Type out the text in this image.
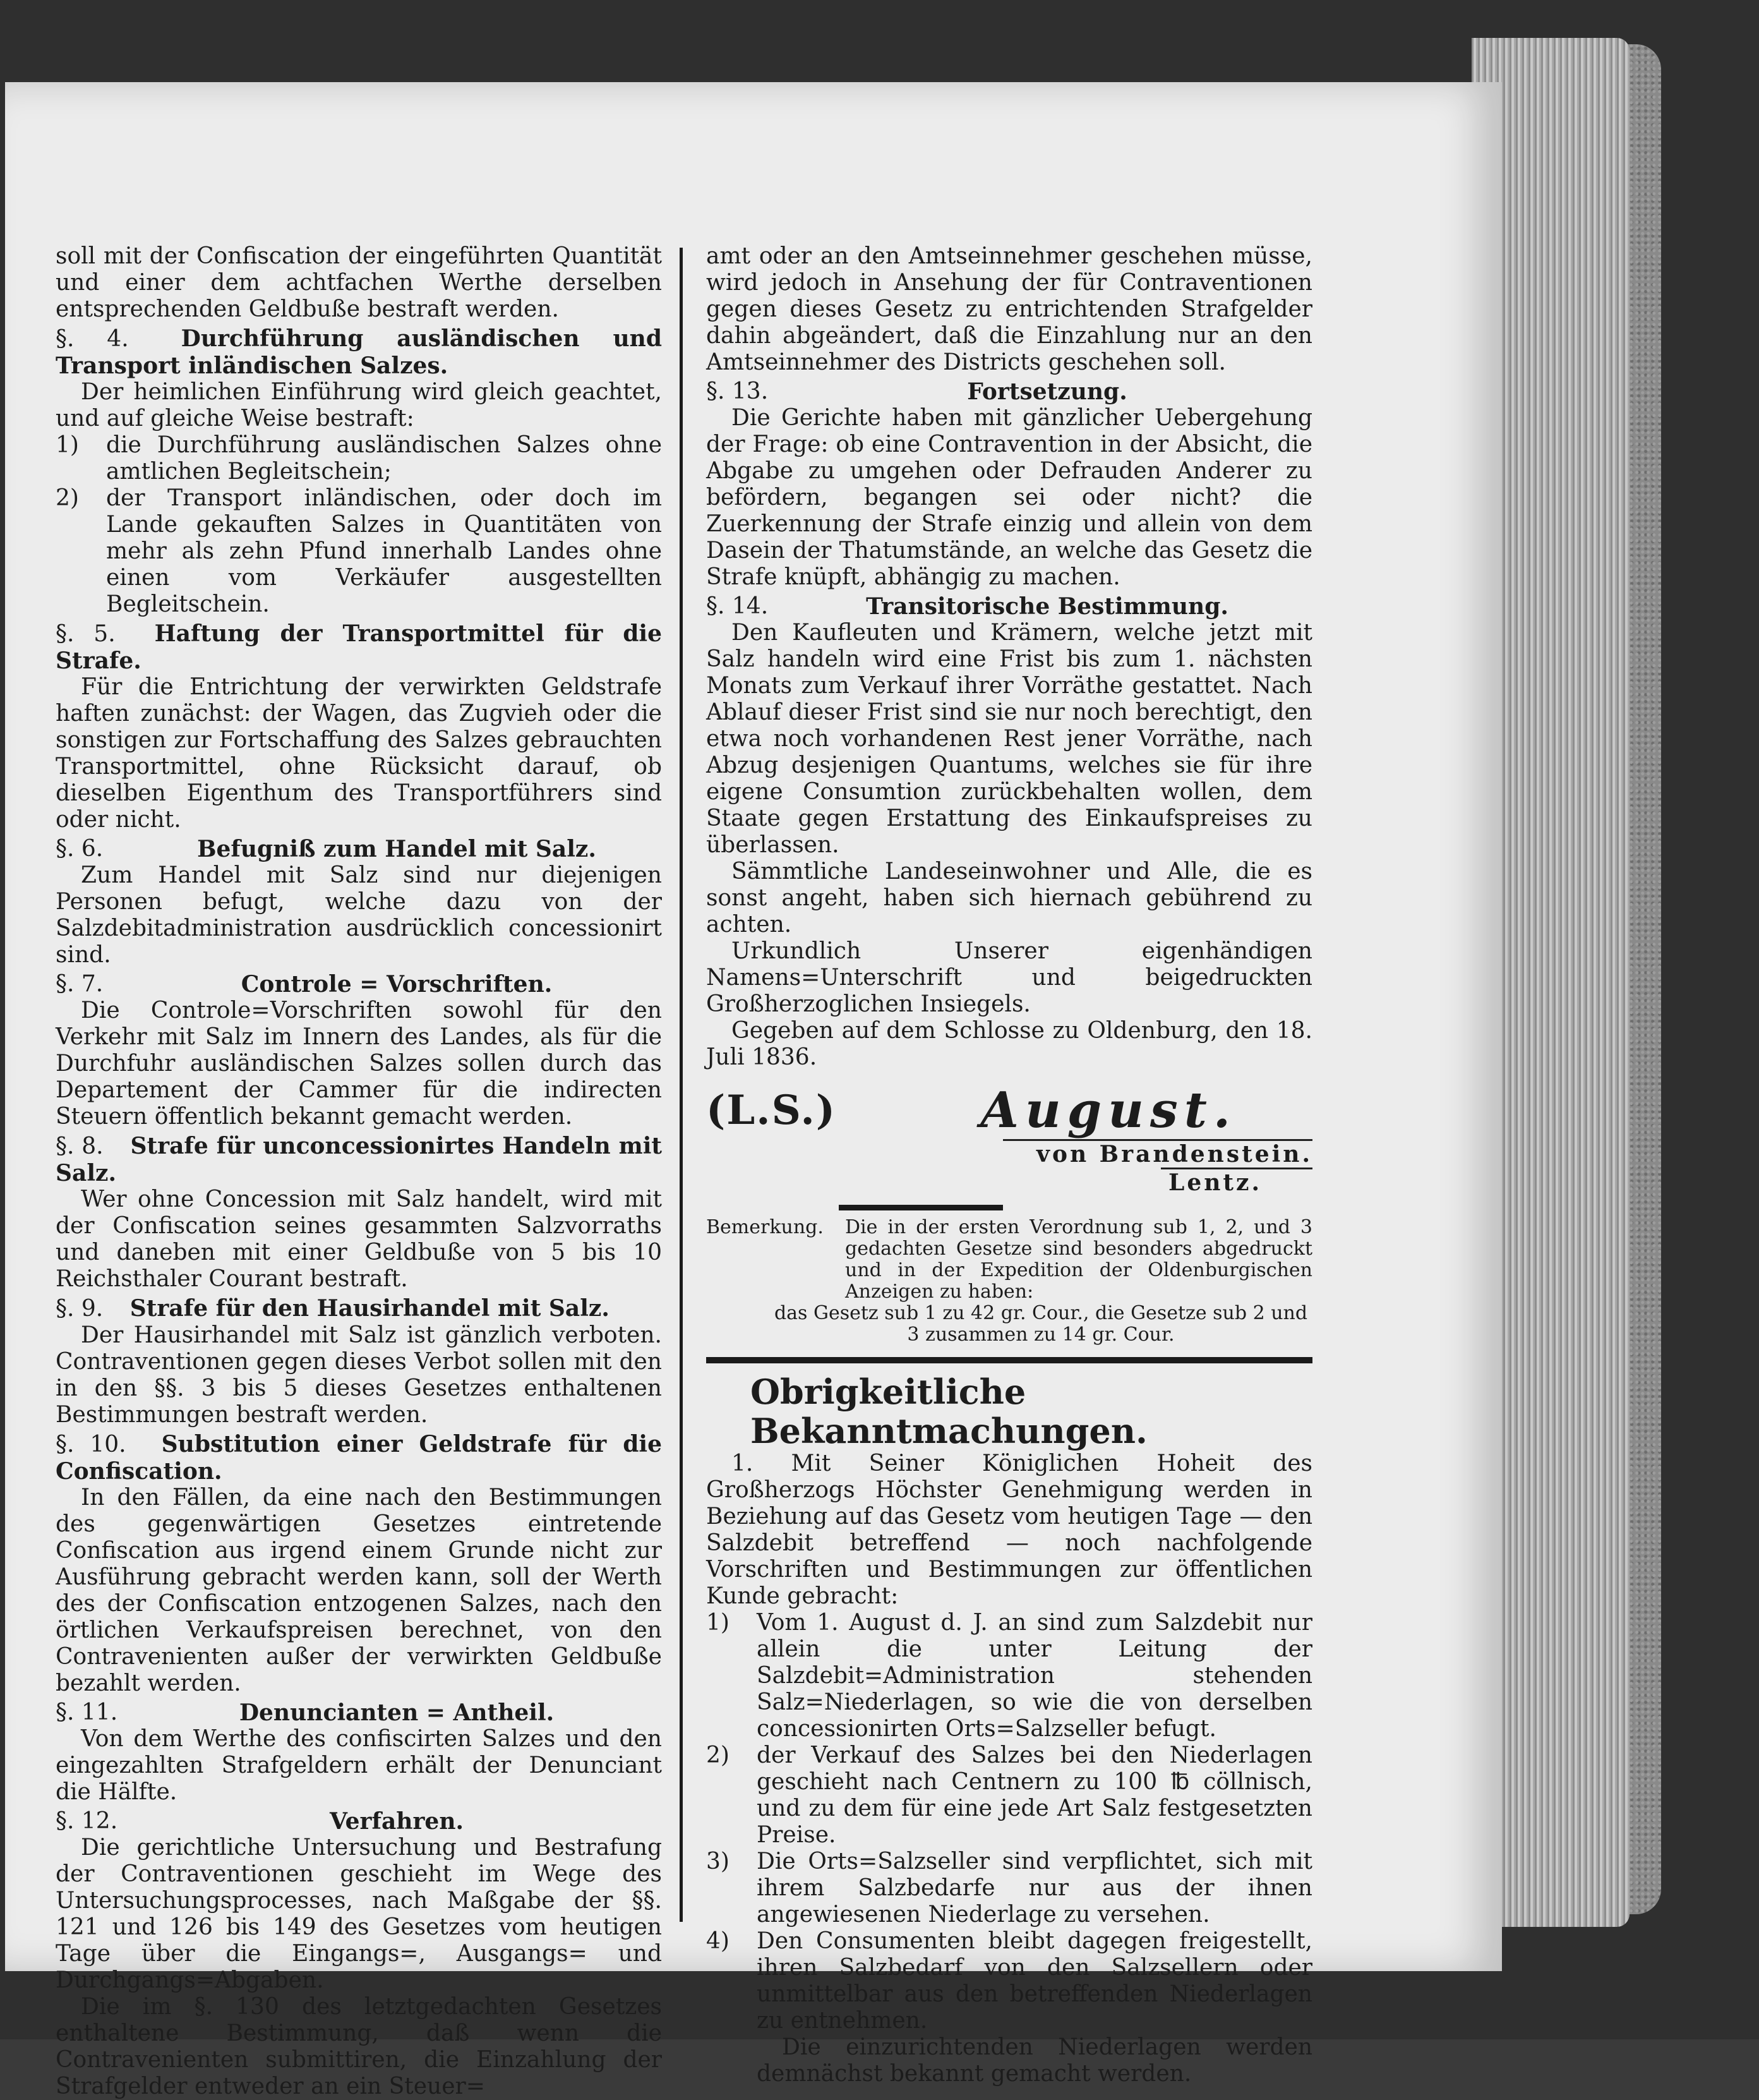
soll mit der Confiscation der eingeführten Quantität und einer dem achtfachen Werthe derselben entsprechenden Geldbuße bestraft werden.

§. 4. Durchführung ausländischen und Transport inländischen Salzes.

Der heimlichen Einführung wird gleich geachtet, und auf gleiche Weise bestraft:

1)	die Durchführung ausländischen Salzes ohne amtlichen Begleitschein;
2)	der Transport inländischen, oder doch im Lande gekauften Salzes in Quantitäten von mehr als zehn Pfund innerhalb Landes ohne einen vom Verkäufer ausgestellten Begleitschein.
§. 5. Haftung der Transportmittel für die Strafe.

Für die Entrichtung der verwirkten Geldstrafe haften zunächst: der Wagen, das Zugvieh oder die sonstigen zur Fortschaffung des Salzes gebrauchten Transportmittel, ohne Rücksicht darauf, ob dieselben Eigenthum des Transportführers sind oder nicht.

§. 6.	Befugniß zum Handel mit Salz.

Zum Handel mit Salz sind nur diejenigen Personen befugt, welche dazu von der Salzdebitadministration ausdrücklich concessionirt sind.

§. 7.	Controle = Vorschriften.

Die Controle=Vorschriften sowohl für den Verkehr mit Salz im Innern des Landes, als für die Durchfuhr ausländischen Salzes sollen durch das Departement der Cammer für die indirecten Steuern öffentlich bekannt gemacht werden.

§. 8. Strafe für unconcessionirtes Handeln mit Salz.

Wer ohne Concession mit Salz handelt, wird mit der Confiscation seines gesammten Salzvorraths und daneben mit einer Geldbuße von 5 bis 10 Reichsthaler Courant bestraft.

§. 9. Strafe für den Hausirhandel mit Salz.

Der Hausirhandel mit Salz ist gänzlich verboten. Contraventionen gegen dieses Verbot sollen mit den in den §§. 3 bis 5 dieses Gesetzes enthaltenen Bestimmungen bestraft werden.

§. 10. Substitution einer Geldstrafe für die Confiscation.

In den Fällen, da eine nach den Bestimmungen des gegenwärtigen Gesetzes eintretende Confiscation aus irgend einem Grunde nicht zur Ausführung gebracht werden kann, soll der Werth des der Confiscation entzogenen Salzes, nach den örtlichen Verkaufspreisen berechnet, von den Contravenienten außer der verwirkten Geldbuße bezahlt werden.

§. 11.	Denuncianten = Antheil.

Von dem Werthe des confiscirten Salzes und den eingezahlten Strafgeldern erhält der Denunciant die Hälfte.

§. 12.	Verfahren.

Die gerichtliche Untersuchung und Bestrafung der Contraventionen geschieht im Wege des Untersuchungsprocesses, nach Maßgabe der §§. 121 und 126 bis 149 des Gesetzes vom heutigen Tage über die Eingangs=, Ausgangs= und Durchgangs=Abgaben.

Die im §. 130 des letztgedachten Gesetzes enthaltene Bestimmung, daß wenn die Contravenienten submittiren, die Einzahlung der Strafgelder entweder an ein Steuer=

amt oder an den Amtseinnehmer geschehen müsse, wird jedoch in Ansehung der für Contraventionen gegen dieses Gesetz zu entrichtenden Strafgelder dahin abgeändert, daß die Einzahlung nur an den Amtseinnehmer des Districts geschehen soll.

§. 13.	Fortsetzung.

Die Gerichte haben mit gänzlicher Uebergehung der Frage: ob eine Contravention in der Absicht, die Abgabe zu umgehen oder Defrauden Anderer zu befördern, begangen sei oder nicht? die Zuerkennung der Strafe einzig und allein von dem Dasein der Thatumstände, an welche das Gesetz die Strafe knüpft, abhängig zu machen.

§. 14.	Transitorische Bestimmung.

Den Kaufleuten und Krämern, welche jetzt mit Salz handeln wird eine Frist bis zum 1. nächsten Monats zum Verkauf ihrer Vorräthe gestattet. Nach Ablauf dieser Frist sind sie nur noch berechtigt, den etwa noch vorhandenen Rest jener Vorräthe, nach Abzug desjenigen Quantums, welches sie für ihre eigene Consumtion zurückbehalten wollen, dem Staate gegen Erstattung des Einkaufspreises zu überlassen.

Sämmtliche Landeseinwohner und Alle, die es sonst angeht, haben sich hiernach gebührend zu achten.

Urkundlich Unserer eigenhändigen Namens=Unterschrift und beigedruckten Großherzoglichen Insiegels.

Gegeben auf dem Schlosse zu Oldenburg, den 18. Juli 1836.

(L.S.)	August.

von Brandenstein.

Lentz.

Bemerkung.	Die in der ersten Verordnung sub 1, 2, und 3 gedachten Gesetze sind besonders abgedruckt und in der Expedition der Oldenburgischen Anzeigen zu haben:

das Gesetz sub 1 zu 42 gr. Cour., die Gesetze sub 2 und 3 zusammen zu 14 gr. Cour.

Obrigkeitliche Bekanntmachungen.

1. Mit Seiner Königlichen Hoheit des Großherzogs Höchster Genehmigung werden in Beziehung auf das Gesetz vom heutigen Tage — den Salzdebit betreffend — noch nachfolgende Vorschriften und Bestimmungen zur öffentlichen Kunde gebracht:

1)	Vom 1. August d. J. an sind zum Salzdebit nur allein die unter Leitung der Salzdebit=Administration stehenden Salz=Niederlagen, so wie die von derselben concessionirten Orts=Salzseller befugt.
2)	der Verkauf des Salzes bei den Niederlagen geschieht nach Centnern zu 100 ℔ cöllnisch, und zu dem für eine jede Art Salz festgesetzten Preise.
3)	Die Orts=Salzseller sind verpflichtet, sich mit ihrem Salzbedarfe nur aus der ihnen angewiesenen Niederlage zu versehen.
4)	Den Consumenten bleibt dagegen freigestellt, ihren Salzbedarf von den Salzsellern oder unmittelbar aus den betreffenden Niederlagen zu entnehmen.

Die einzurichtenden Niederlagen werden demnächst bekannt gemacht werden.
